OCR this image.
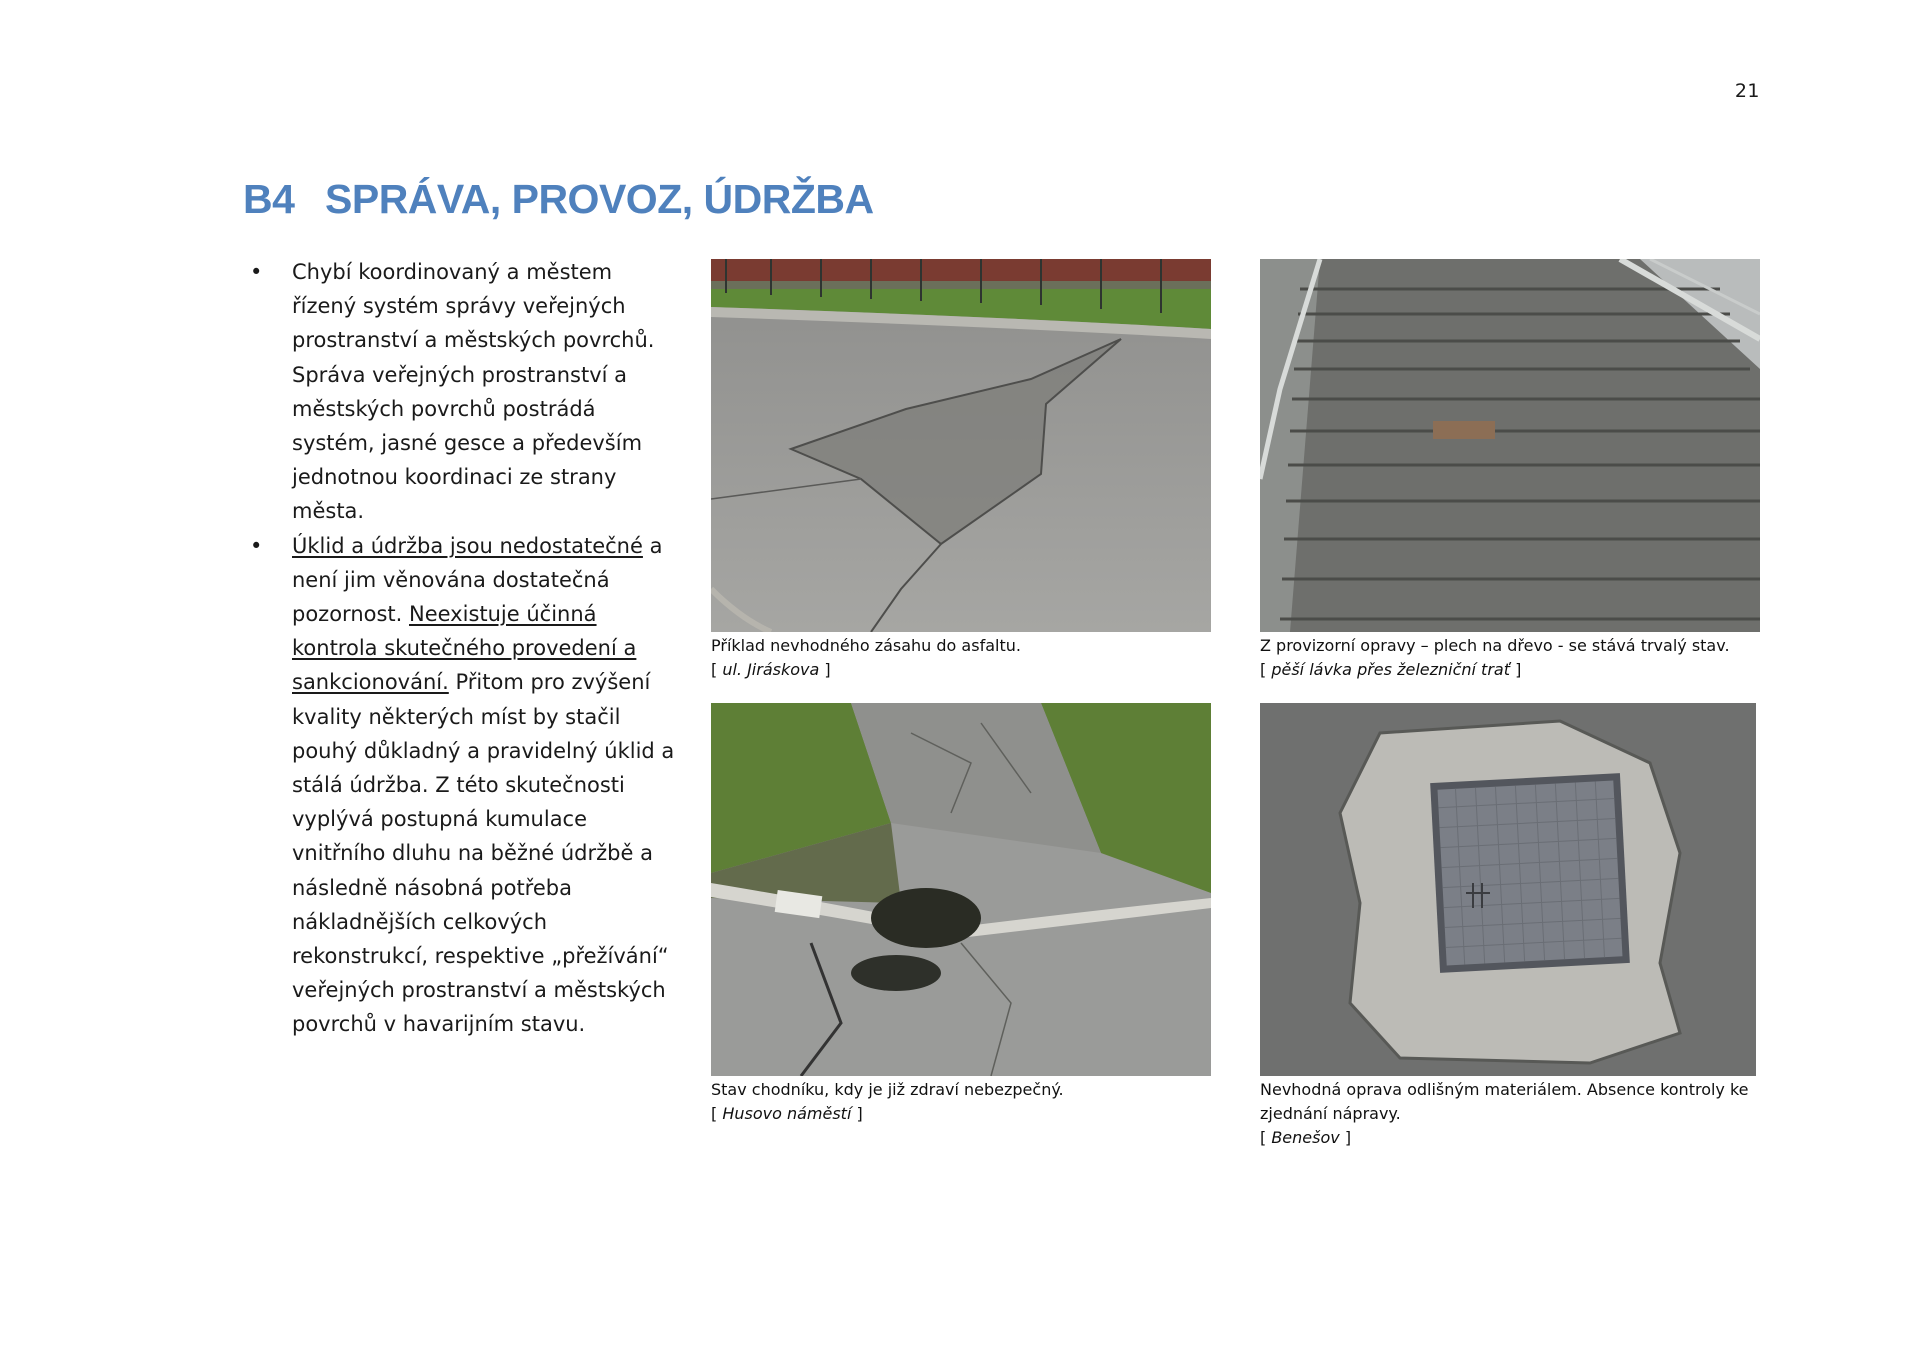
21
B4 SPRÁVA, PROVOZ, ÚDRŽBA
• Chybí koordinovaný a městem řízený systém správy veřejných prostranství a městských povrchů. Správa veřejných prostranství a městských povrchů postrádá systém, jasné gesce a především jednotnou koordinaci ze strany města.
• Úklid a údržba jsou nedostatečné a není jim věnována dostatečná pozornost. Neexistuje účinná kontrola skutečného provedení a sankcionování. Přitom pro zvýšení kvality některých míst by stačil pouhý důkladný a pravidelný úklid a stálá údržba. Z této skutečnosti vyplývá postupná kumulace vnitřního dluhu na běžné údržbě a následně násobná potřeba nákladnějších celkových rekonstrukcí, respektive „přežívání“ veřejných prostranství a městských povrchů v havarijním stavu.
Příklad nevhodného zásahu do asfaltu.
[ ul. Jiráskova ]
Z provizorní opravy – plech na dřevo - se stává trvalý stav.
[ pěší lávka přes železniční trať ]
Stav chodníku, kdy je již zdraví nebezpečný.
[ Husovo náměstí ]
Nevhodná oprava odlišným materiálem. Absence kontroly ke zjednání nápravy.
[ Benešov ]
